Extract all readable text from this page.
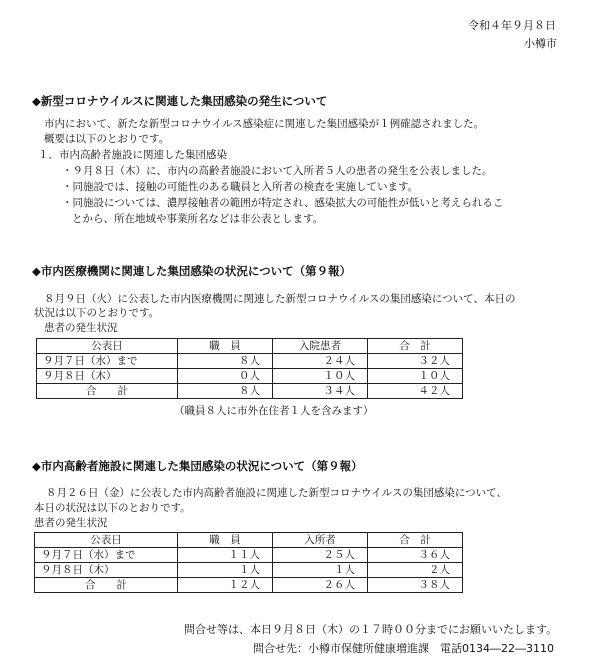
令和４年９月８日
小樽市
◆新型コロナウイルスに関連した集団感染の発生について
市内において、新たな新型コロナウイルス感染症に関連した集団感染が１例確認されました。
概要は以下のとおりです。
１．市内高齢者施設に関連した集団感染
・９月８日（木）に、市内の高齢者施設において入所者５人の患者の発生を公表しました。
・同施設では、接触の可能性のある職員と入所者の検査を実施しています。
・同施設については、濃厚接触者の範囲が特定され、感染拡大の可能性が低いと考えられるこ
とから、所在地域や事業所名などは非公表とします。
◆市内医療機関に関連した集団感染の状況について（第９報）
８月９日（火）に公表した市内医療機関に関連した新型コロナウイルスの集団感染について、本日の
状況は以下のとおりです。
患者の発生状況
公表日	職　員	入院患者	合　計
９月７日（水）まで	８人	２４人	３２人
９月８日（木）	０人	１０人	１０人
合　　計	８人	３４人	４２人
（職員８人に市外在住者１人を含みます）
◆市内高齢者施設に関連した集団感染の状況について（第９報）
８月２６日（金）に公表した市内高齢者施設に関連した新型コロナウイルスの集団感染について、
本日の状況は以下のとおりです。
患者の発生状況
公表日	職　員	入所者	合　計
９月７日（水）まで	１１人	２５人	３６人
９月８日（木）	１人	１人	２人
合　　計	１２人	２６人	３８人
問合せ等は、本日９月８日（木）の１７時００分までにお願いいたします。
問合せ先：小樽市保健所健康増進課　電話0134―22―3110
